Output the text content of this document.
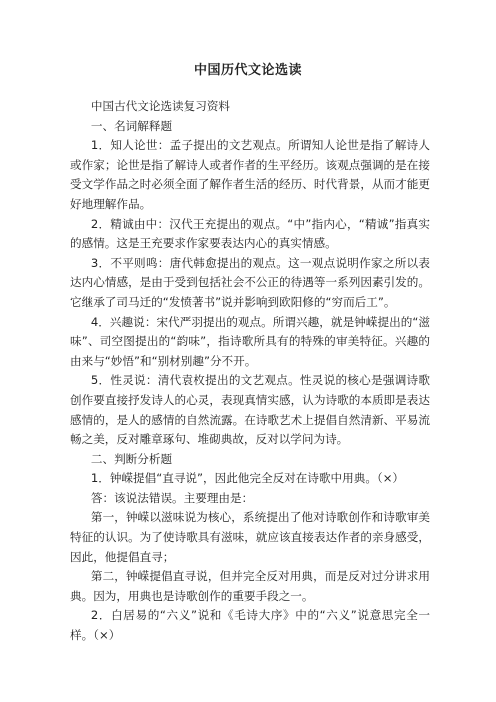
中国历代文论选读

中国古代文论选读复习资料

一、名词解释题

1．知人论世：孟子提出的文艺观点。所谓知人论世是指了解诗人或作家；论世是指了解诗人或者作者的生平经历。该观点强调的是在接受文学作品之时必须全面了解作者生活的经历、时代背景，从而才能更好地理解作品。

2．精诚由中：汉代王充提出的观点。“中”指内心，“精诚”指真实的感情。这是王充要求作家要表达内心的真实情感。

3．不平则鸣：唐代韩愈提出的观点。这一观点说明作家之所以表达内心情感，是由于受到包括社会不公正的待遇等一系列因素引发的。它继承了司马迁的“发愤著书”说并影响到欧阳修的“穷而后工”。

4．兴趣说：宋代严羽提出的观点。所谓兴趣，就是钟嵘提出的“滋味”、司空图提出的“韵味”，指诗歌所具有的特殊的审美特征。兴趣的由来与“妙悟”和“别材别趣”分不开。

5．性灵说：清代袁枚提出的文艺观点。性灵说的核心是强调诗歌创作要直接抒发诗人的心灵，表现真情实感，认为诗歌的本质即是表达感情的，是人的感情的自然流露。在诗歌艺术上提倡自然清新、平易流畅之美，反对雕章琢句、堆砌典故，反对以学问为诗。

二、判断分析题

1．钟嵘提倡“直寻说”，因此他完全反对在诗歌中用典。（×）

答：该说法错误。主要理由是：

第一，钟嵘以滋味说为核心，系统提出了他对诗歌创作和诗歌审美特征的认识。为了使诗歌具有滋味，就应该直接表达作者的亲身感受，因此，他提倡直寻；

第二，钟嵘提倡直寻说，但并完全反对用典，而是反对过分讲求用典。因为，用典也是诗歌创作的重要手段之一。

2．白居易的“六义”说和《毛诗大序》中的“六义”说意思完全一样。（×）
